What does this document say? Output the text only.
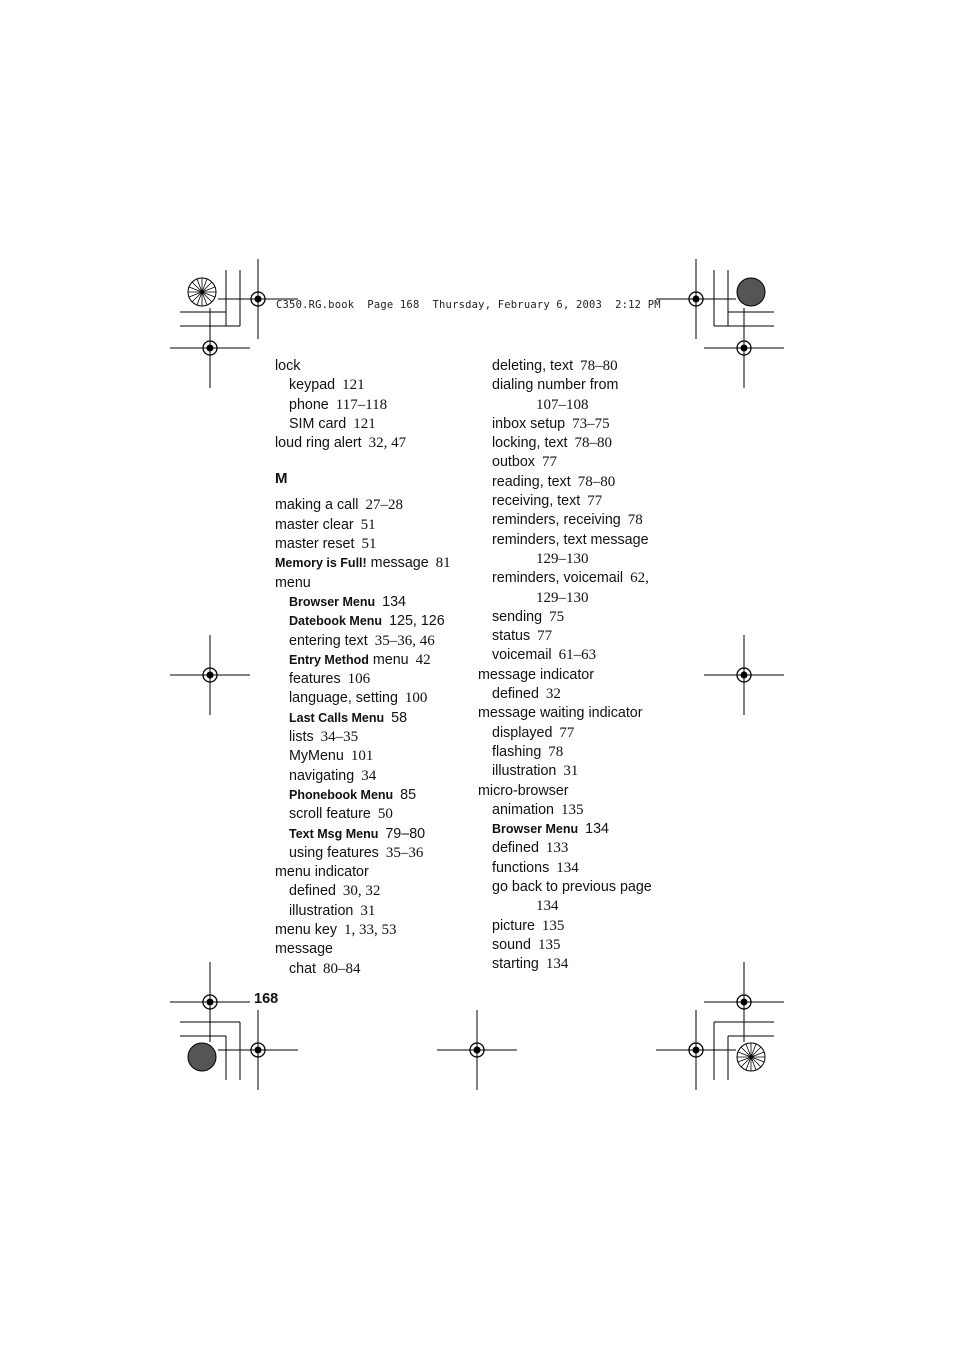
C350.RG.book  Page 168  Thursday, February 6, 2003  2:12 PM
lock
keypad 121
phone 117–118
SIM card 121
loud ring alert 32, 47
M
making a call 27–28
master clear 51
master reset 51
Memory is Full! message 81
menu
Browser Menu 134
Datebook Menu 125, 126
entering text 35–36, 46
Entry Method menu 42
features 106
language, setting 100
Last Calls Menu 58
lists 34–35
MyMenu 101
navigating 34
Phonebook Menu 85
scroll feature 50
Text Msg Menu 79–80
using features 35–36
menu indicator
defined 30, 32
illustration 31
menu key 1, 33, 53
message
chat 80–84
deleting, text 78–80
dialing number from
107–108
inbox setup 73–75
locking, text 78–80
outbox 77
reading, text 78–80
receiving, text 77
reminders, receiving 78
reminders, text message
129–130
reminders, voicemail 62,
129–130
sending 75
status 77
voicemail 61–63
message indicator
defined 32
message waiting indicator
displayed 77
flashing 78
illustration 31
micro-browser
animation 135
Browser Menu 134
defined 133
functions 134
go back to previous page
134
picture 135
sound 135
starting 134
168
